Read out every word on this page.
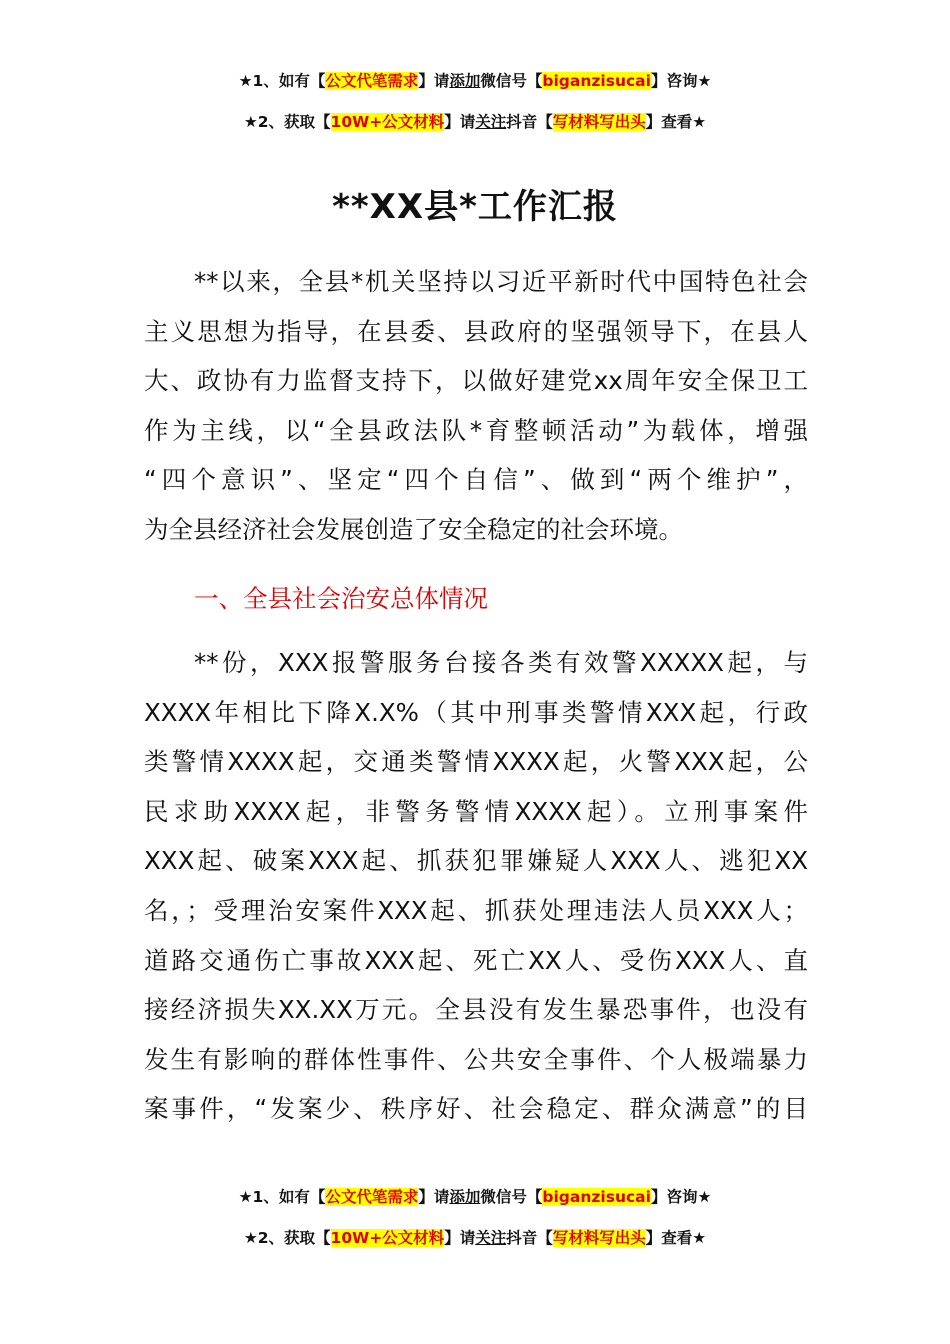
★1、如有【公文代笔需求】请添加微信号【biganzisucai】咨询★
★2、获取【10W+公文材料】请关注抖音【写材料写出头】查看★
**XX县*工作汇报
**以来，全县*机关坚持以习近平新时代中国特色社会
主义思想为指导，在县委、县政府的坚强领导下，在县人
大、政协有力监督支持下，以做好建党xx周年安全保卫工
作为主线，以“全县政法队*育整顿活动”为载体，增强
“四个意识”、坚定“四个自信”、做到“两个维护”，
为全县经济社会发展创造了安全稳定的社会环境。
一、全县社会治安总体情况
**份，XXX报警服务台接各类有效警XXXXX起，与
XXXX年相比下降X.X%（其中刑事类警情XXX起，行政
类警情XXXX起，交通类警情XXXX起，火警XXX起，公
民求助XXXX起，非警务警情XXXX起）。立刑事案件
XXX起、破案XXX起、抓获犯罪嫌疑人XXX人、逃犯XX
名，；受理治安案件XXX起、抓获处理违法人员XXX人；
道路交通伤亡事故XXX起、死亡XX人、受伤XXX人、直
接经济损失XX.XX万元。全县没有发生暴恐事件，也没有
发生有影响的群体性事件、公共安全事件、个人极端暴力
案事件，“发案少、秩序好、社会稳定、群众满意”的目
★1、如有【公文代笔需求】请添加微信号【biganzisucai】咨询★
★2、获取【10W+公文材料】请关注抖音【写材料写出头】查看★
